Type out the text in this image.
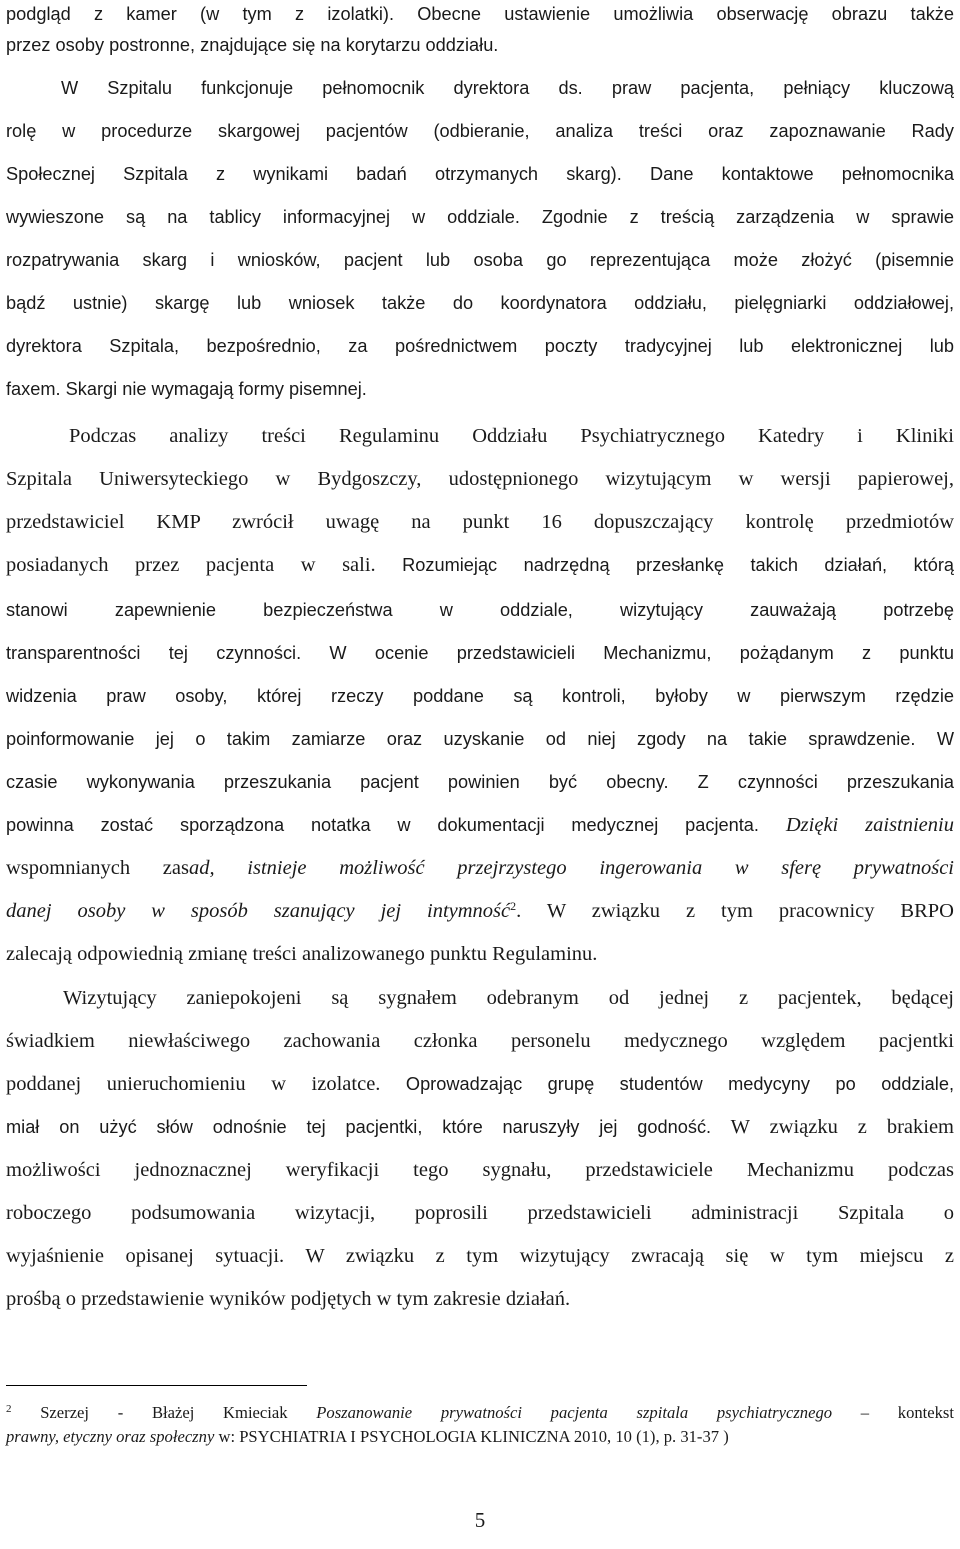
podgląd z kamer (w tym z izolatki). Obecne ustawienie umożliwia obserwację obrazu także
przez osoby postronne, znajdujące się na korytarzu oddziału.
W Szpitalu funkcjonuje pełnomocnik dyrektora ds. praw pacjenta, pełniący kluczową
rolę w procedurze skargowej pacjentów (odbieranie, analiza treści oraz zapoznawanie Rady
Społecznej Szpitala z wynikami badań otrzymanych skarg). Dane kontaktowe pełnomocnika
wywieszone są na tablicy informacyjnej w oddziale. Zgodnie z treścią zarządzenia w sprawie
rozpatrywania skarg i wniosków, pacjent lub osoba go reprezentująca może złożyć (pisemnie
bądź ustnie) skargę lub wniosek także do koordynatora oddziału, pielęgniarki oddziałowej,
dyrektora Szpitala, bezpośrednio, za pośrednictwem poczty tradycyjnej lub elektronicznej lub
faxem. Skargi nie wymagają formy pisemnej.
Podczas analizy treści Regulaminu Oddziału Psychiatrycznego Katedry i Kliniki
Szpitala Uniwersyteckiego w Bydgoszczy, udostępnionego wizytującym w wersji papierowej,
przedstawiciel KMP zwrócił uwagę na punkt 16 dopuszczający kontrolę przedmiotów
posiadanych przez pacjenta w sali. Rozumiejąc nadrzędną przesłankę takich działań, którą
stanowi zapewnienie bezpieczeństwa w oddziale, wizytujący zauważają potrzebę
transparentności tej czynności. W ocenie przedstawicieli Mechanizmu, pożądanym z punktu
widzenia praw osoby, której rzeczy poddane są kontroli, byłoby w pierwszym rzędzie
poinformowanie jej o takim zamiarze oraz uzyskanie od niej zgody na takie sprawdzenie. W
czasie wykonywania przeszukania pacjent powinien być obecny. Z czynności przeszukania
powinna zostać sporządzona notatka w dokumentacji medycznej pacjenta. Dzięki zaistnieniu
wspomnianych zasad, istnieje możliwość przejrzystego ingerowania w sferę prywatności
danej osoby w sposób szanujący jej intymność$^2$. W związku z tym pracownicy BRPO
zalecają odpowiednią zmianę treści analizowanego punktu Regulaminu.
Wizytujący zaniepokojeni są sygnałem odebranym od jednej z pacjentek, będącej
świadkiem niewłaściwego zachowania członka personelu medycznego względem pacjentki
poddanej unieruchomieniu w izolatce. Oprowadzając grupę studentów medycyny po oddziale,
miał on użyć słów odnośnie tej pacjentki, które naruszyły jej godność. W związku z brakiem
możliwości jednoznacznej weryfikacji tego sygnału, przedstawiciele Mechanizmu podczas
roboczego podsumowania wizytacji, poprosili przedstawicieli administracji Szpitala o
wyjaśnienie opisanej sytuacji. W związku z tym wizytujący zwracają się w tym miejscu z
prośbą o przedstawienie wyników podjętych w tym zakresie działań.
$^2$ Szerzej - Błażej Kmieciak Poszanowanie prywatności pacjenta szpitala psychiatrycznego – kontekst
prawny, etyczny oraz społeczny w: PSYCHIATRIA I PSYCHOLOGIA KLINICZNA 2010, 10 (1), p. 31-37 )
5
